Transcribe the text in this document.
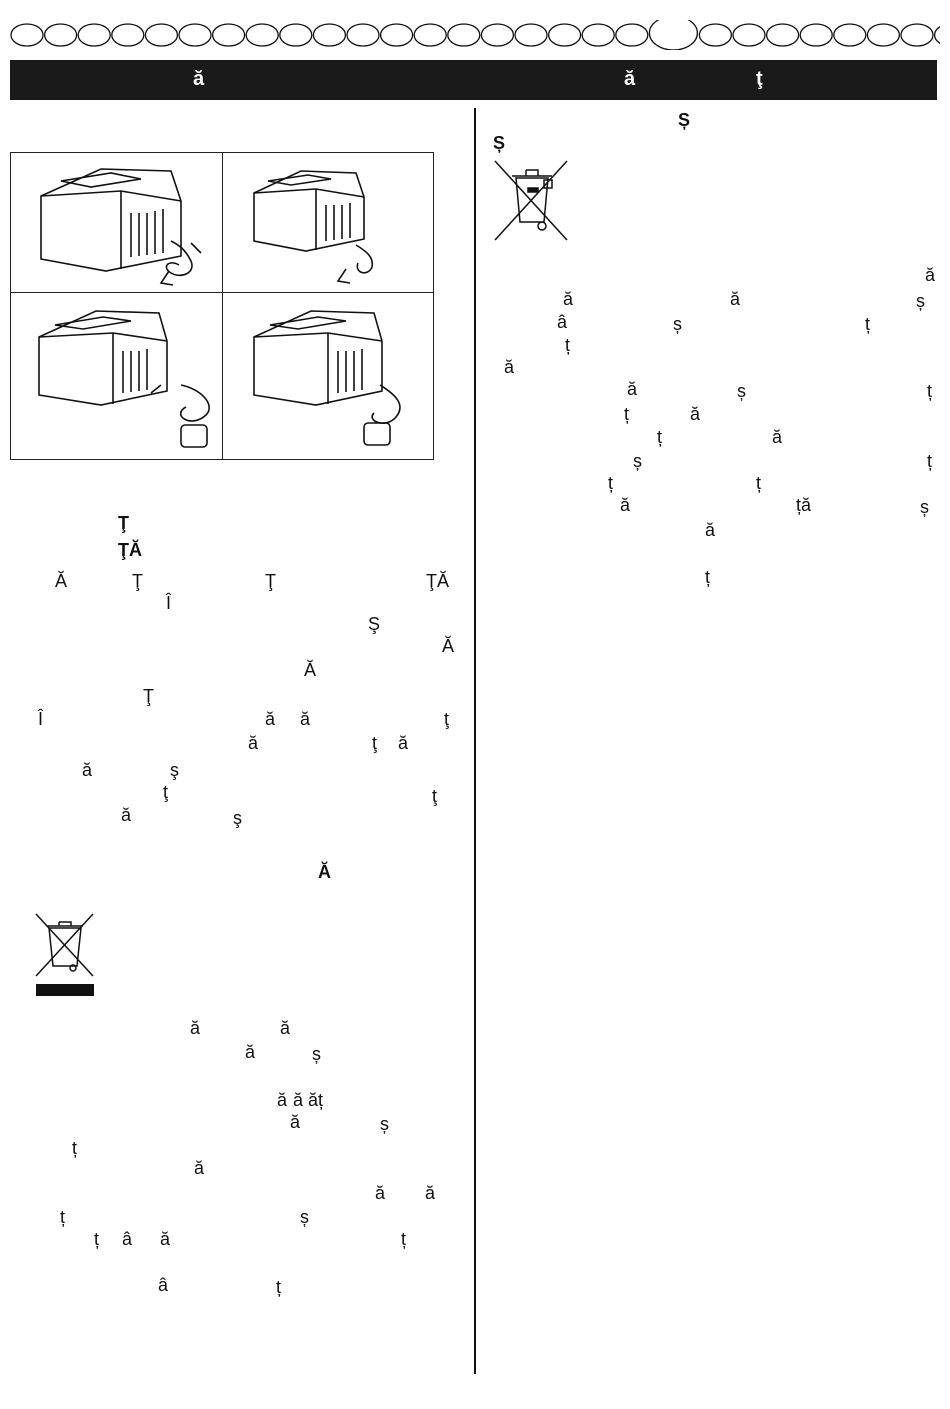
ă	ă	ţ
Ţ
ŢĂ
Ă	Ţ	Ţ	ŢĂ
Î
Ş
Ă
Ă
Ţ
Î	ă ă	ţ
ă	ţ ă
ă	ş
ţ	ţ
ă	ş
Ă
ă	ă
ă	ș
ă ă ăț
ă	ș
ț
ă
ă ă
ț	ș
ț â ă	ț
â	ț
Ș
Ș
ă
ă	ă	ș
â	ș	ț
ț
ă
ă	ș	ț
ț	ă
ț	ă
ș	ț
ț	ț
ă	ță	ș
ă
ț
